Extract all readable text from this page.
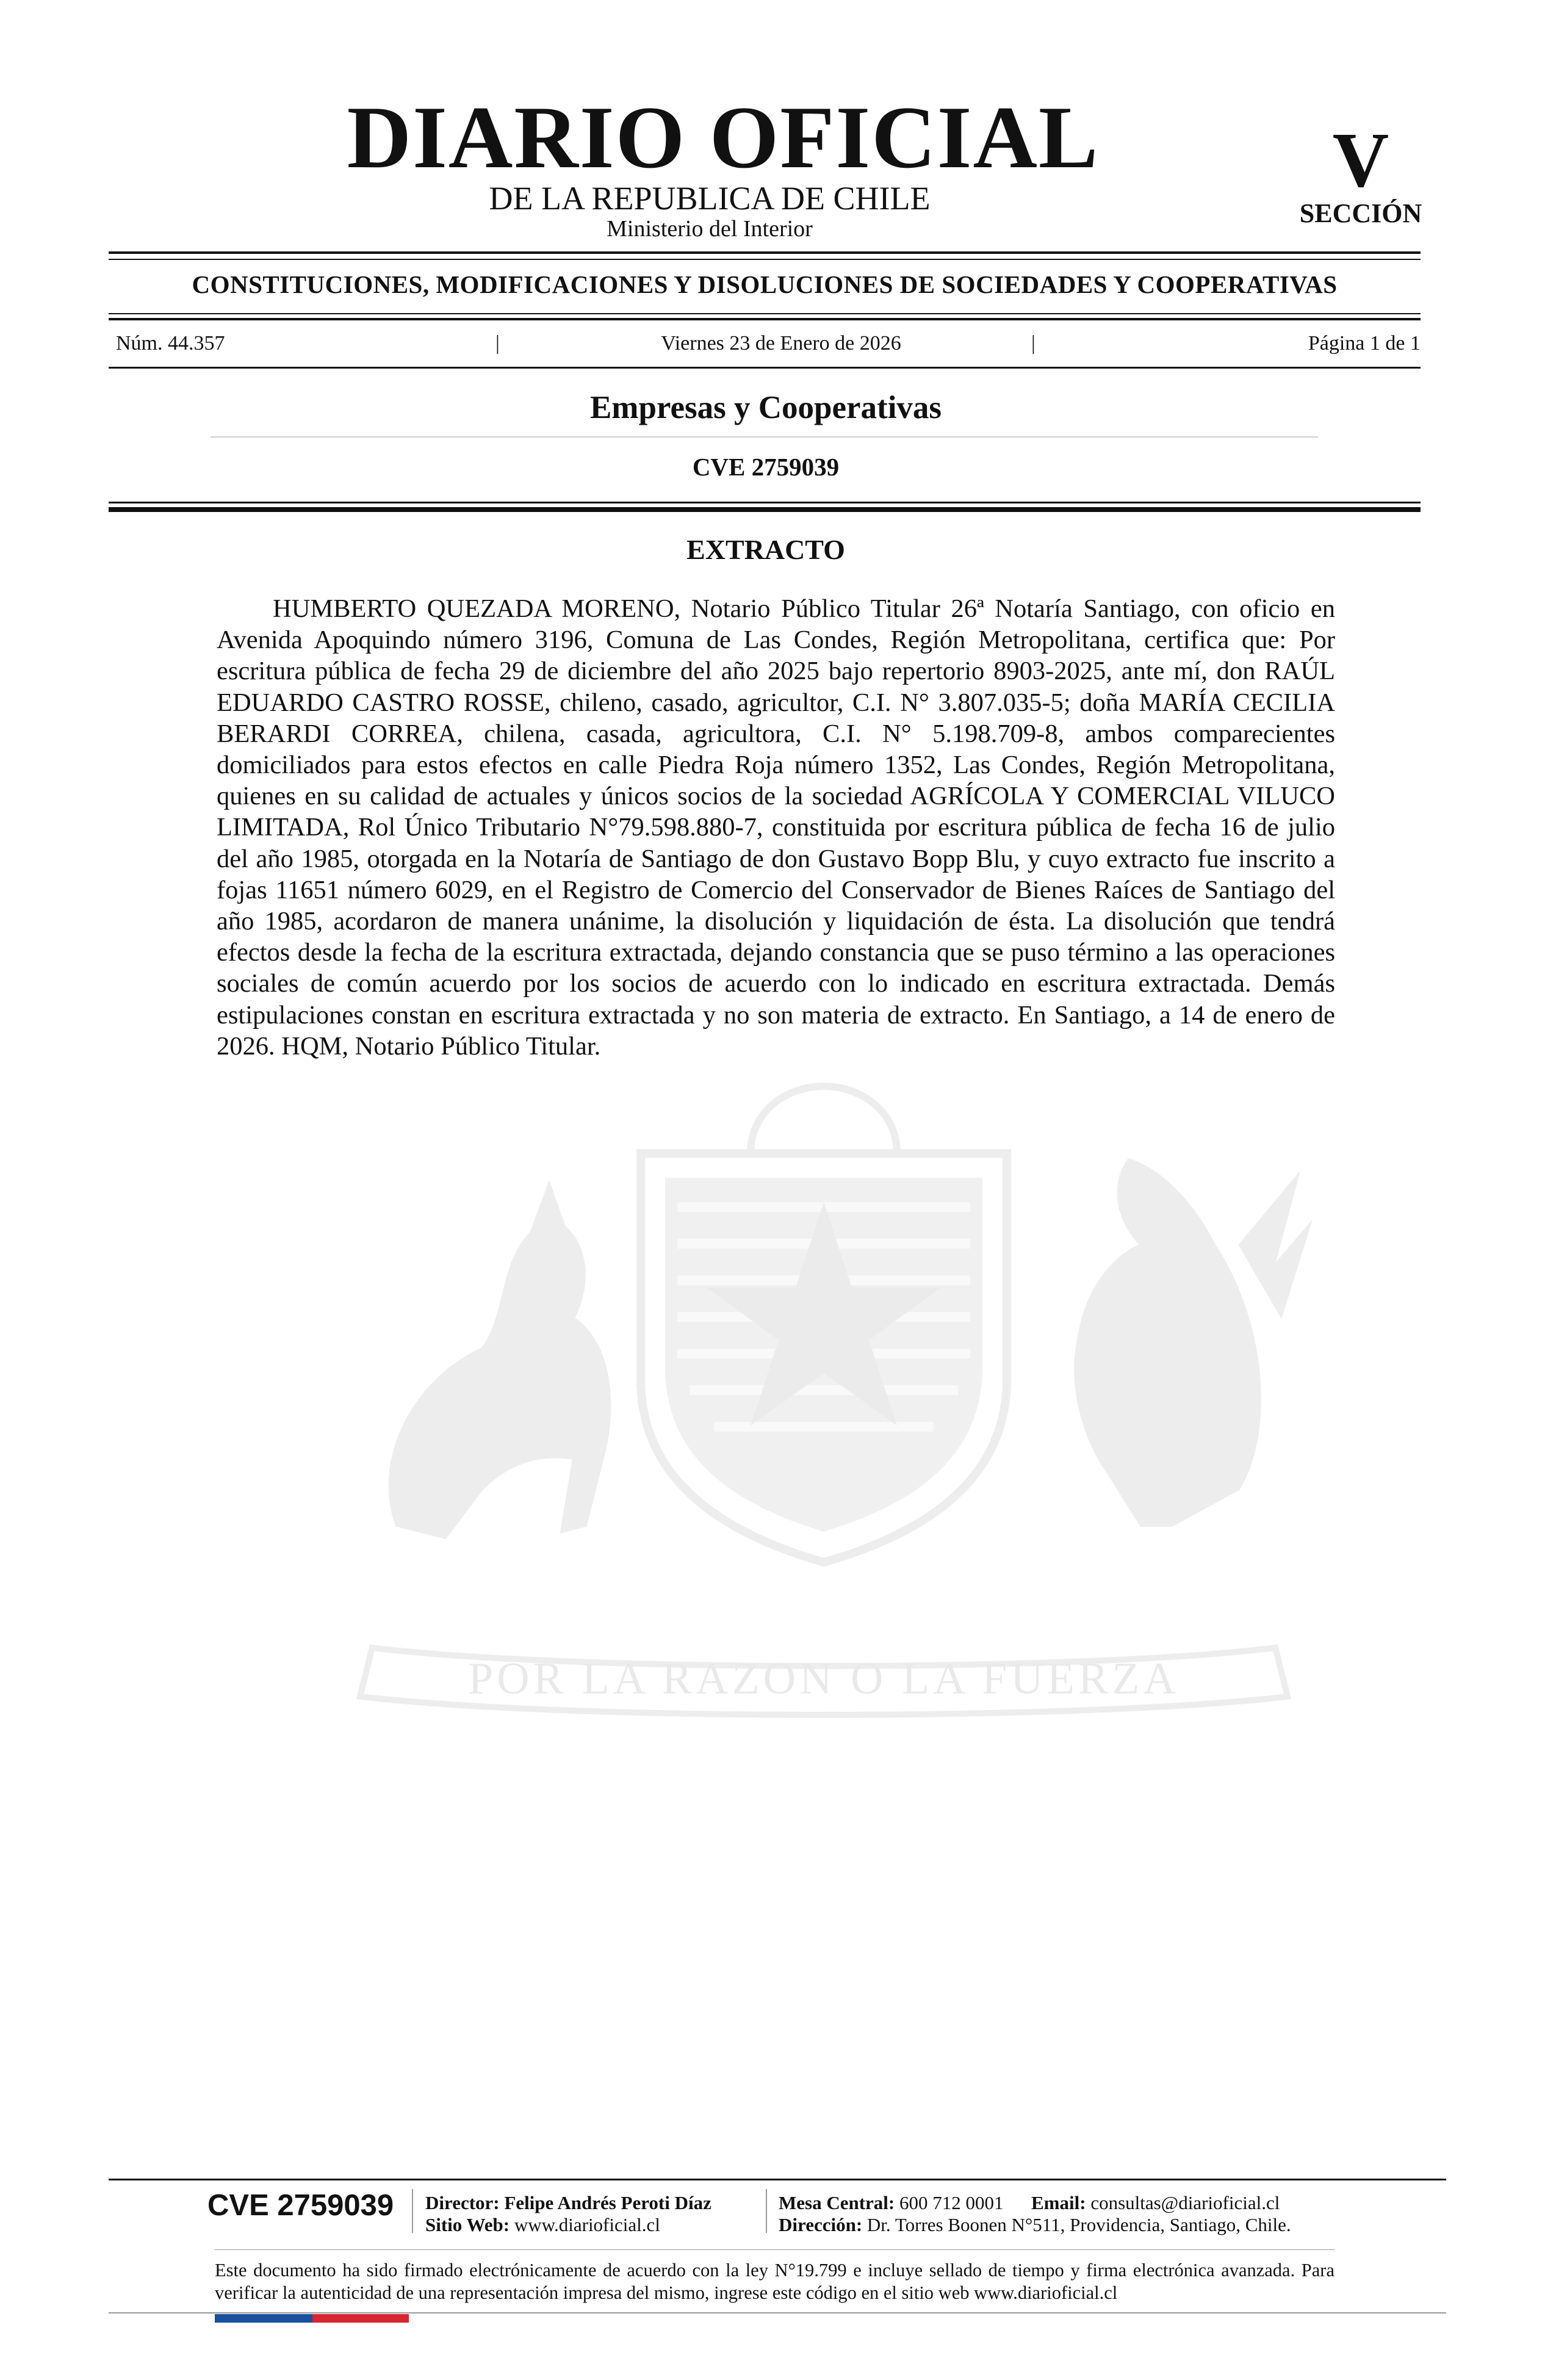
DIARIO OFICIAL
DE LA REPUBLICA DE CHILE
Ministerio del Interior
V
SECCIÓN
CONSTITUCIONES, MODIFICACIONES Y DISOLUCIONES DE SOCIEDADES Y COOPERATIVAS
Núm. 44.357	|	Viernes 23 de Enero de 2026	|	Página 1 de 1
Empresas y Cooperativas
CVE 2759039
POR LA RAZON O LA FUERZA
EXTRACTO
HUMBERTO QUEZADA MORENO, Notario Público Titular 26ª Notaría Santiago, con oficio en Avenida Apoquindo número 3196, Comuna de Las Condes, Región Metropolitana, certifica que: Por escritura pública de fecha 29 de diciembre del año 2025 bajo repertorio 8903-2025, ante mí, don RAÚL EDUARDO CASTRO ROSSE, chileno, casado, agricultor, C.I. N° 3.807.035-5; doña MARÍA CECILIA BERARDI CORREA, chilena, casada, agricultora, C.I. N° 5.198.709-8, ambos comparecientes domiciliados para estos efectos en calle Piedra Roja número 1352, Las Condes, Región Metropolitana, quienes en su calidad de actuales y únicos socios de la sociedad AGRÍCOLA Y COMERCIAL VILUCO LIMITADA, Rol Único Tributario N°79.598.880-7, constituida por escritura pública de fecha 16 de julio del año 1985, otorgada en la Notaría de Santiago de don Gustavo Bopp Blu, y cuyo extracto fue inscrito a fojas 11651 número 6029, en el Registro de Comercio del Conservador de Bienes Raíces de Santiago del año 1985, acordaron de manera unánime, la disolución y liquidación de ésta. La disolución que tendrá efectos desde la fecha de la escritura extractada, dejando constancia que se puso término a las operaciones sociales de común acuerdo por los socios de acuerdo con lo indicado en escritura extractada. Demás estipulaciones constan en escritura extractada y no son materia de extracto. En Santiago, a 14 de enero de 2026. HQM, Notario Público Titular.
CVE 2759039 Director: Felipe Andrés Peroti Díaz
Sitio Web: www.diarioficial.cl
Mesa Central: 600 712 0001 Email: consultas@diarioficial.cl
Dirección: Dr. Torres Boonen N°511, Providencia, Santiago, Chile.
Este documento ha sido firmado electrónicamente de acuerdo con la ley N°19.799 e incluye sellado de tiempo y firma electrónica avanzada. Para verificar la autenticidad de una representación impresa del mismo, ingrese este código en el sitio web www.diarioficial.cl
